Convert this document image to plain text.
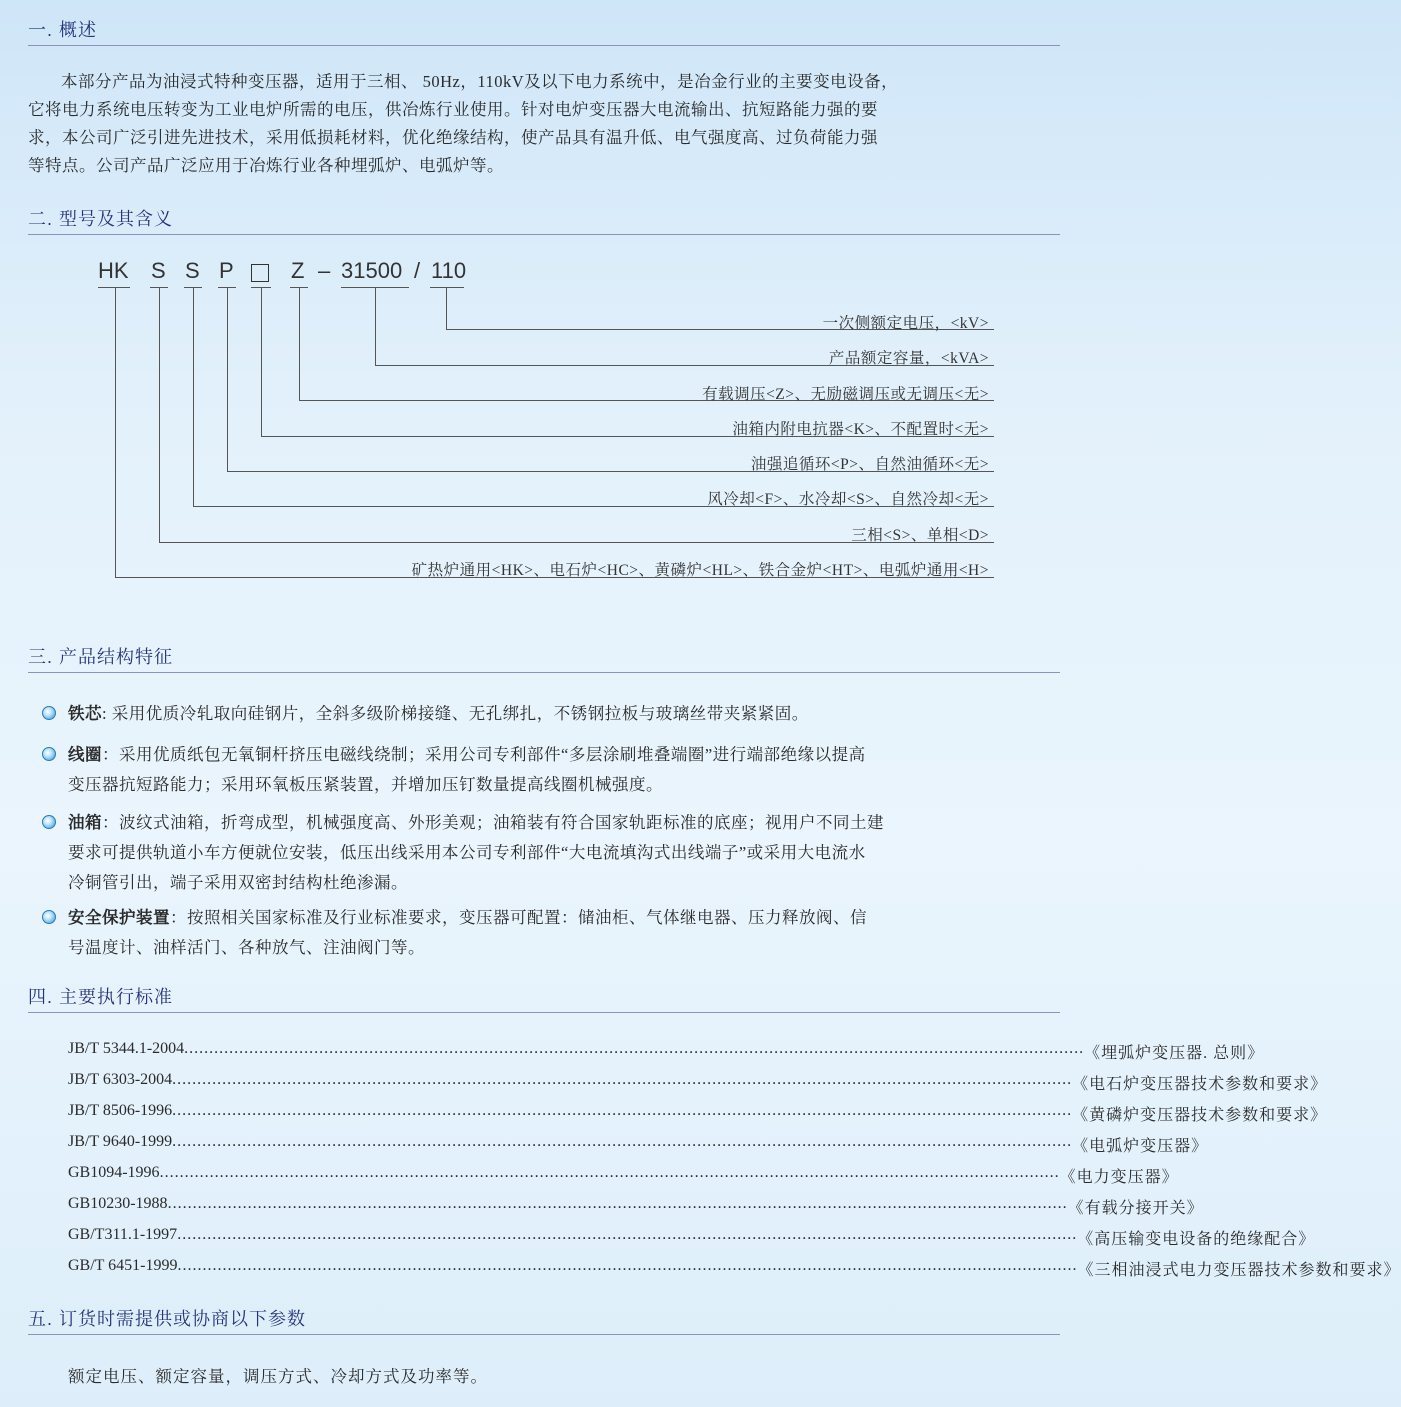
一. 概述
本部分产品为油浸式特种变压器，适用于三相、 50Hz，110kV及以下电力系统中，是冶金行业的主要变电设备，
它将电力系统电压转变为工业电炉所需的电压，供冶炼行业使用。针对电炉变压器大电流输出、抗短路能力强的要
求，本公司广泛引进先进技术，采用低损耗材料，优化绝缘结构，使产品具有温升低、电气强度高、过负荷能力强
等特点。公司产品广泛应用于冶炼行业各种埋弧炉、电弧炉等。
二. 型号及其含义
HK S S P	Z – 31500 / 110
一次侧额定电压，<kV>
产品额定容量，<kVA>
有载调压<Z>、无励磁调压或无调压<无>
油箱内附电抗器<K>、不配置时<无>
油强追循环<P>、自然油循环<无>
风冷却<F>、水冷却<S>、自然冷却<无>
三相<S>、单相<D>
矿热炉通用<HK>、电石炉<HC>、黄磷炉<HL>、铁合金炉<HT>、电弧炉通用<H>
三. 产品结构特征
铁芯: 采用优质冷轧取向硅钢片，全斜多级阶梯接缝、无孔绑扎，不锈钢拉板与玻璃丝带夹紧紧固。
线圈：采用优质纸包无氧铜杆挤压电磁线绕制；采用公司专利部件“多层涂刷堆叠端圈”进行端部绝缘以提高
变压器抗短路能力；采用环氧板压紧装置，并增加压钉数量提高线圈机械强度。
油箱：波纹式油箱，折弯成型，机械强度高、外形美观；油箱装有符合国家轨距标准的底座；视用户不同土建
要求可提供轨道小车方便就位安装，低压出线采用本公司专利部件“大电流填沟式出线端子”或采用大电流水
冷铜管引出，端子采用双密封结构杜绝渗漏。
安全保护装置：按照相关国家标准及行业标准要求，变压器可配置：储油柜、气体继电器、压力释放阀、信
号温度计、油样活门、各种放气、注油阀门等。
四. 主要执行标准
JB/T 5344.1-2004 .................................................................................................................................................................................... 《埋弧炉变压器. 总则》
JB/T 6303-2004 .................................................................................................................................................................................... 《电石炉变压器技术参数和要求》
JB/T 8506-1996 .................................................................................................................................................................................... 《黄磷炉变压器技术参数和要求》
JB/T 9640-1999 .................................................................................................................................................................................... 《电弧炉变压器》
GB1094-1996 .................................................................................................................................................................................... 《电力变压器》
GB10230-1988 .................................................................................................................................................................................... 《有载分接开关》
GB/T311.1-1997 .................................................................................................................................................................................... 《高压输变电设备的绝缘配合》
GB/T 6451-1999 .................................................................................................................................................................................... 《三相油浸式电力变压器技术参数和要求》
五. 订货时需提供或协商以下参数
额定电压、额定容量，调压方式、冷却方式及功率等。
